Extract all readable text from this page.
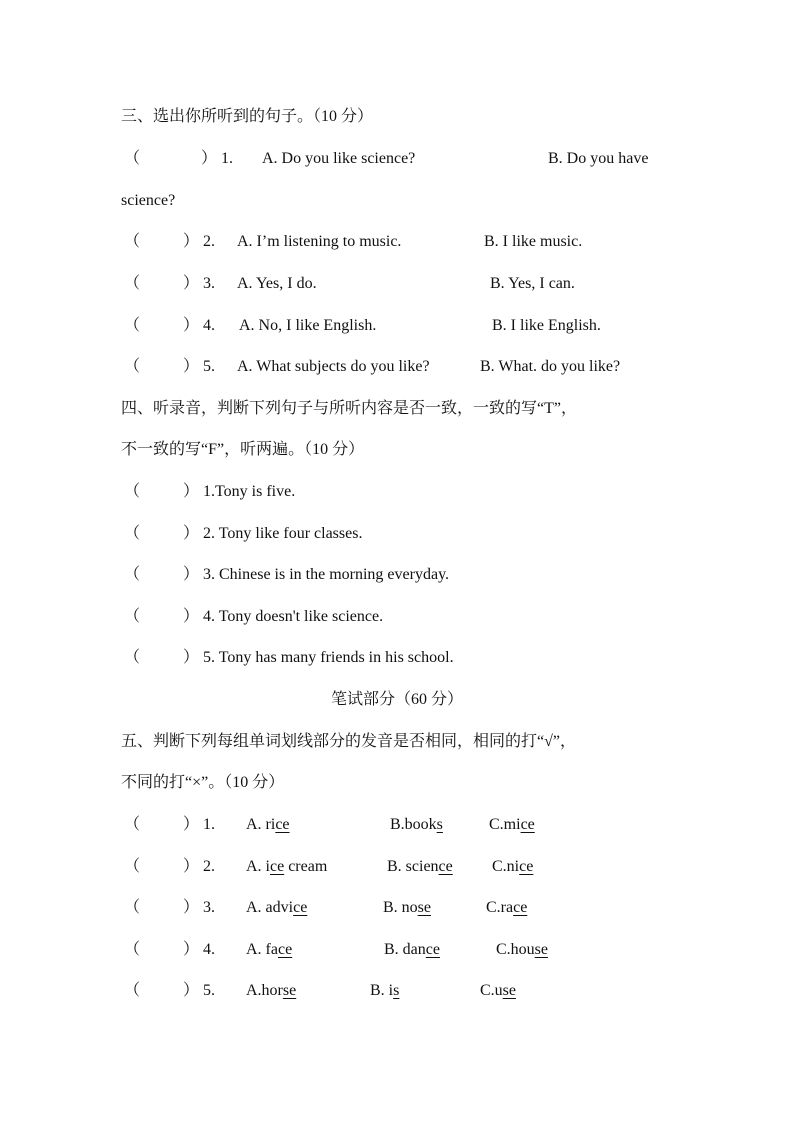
三、选出你所听到的句子。（10 分）
（	） 1. A. Do you like science?	B. Do you have
science?
（	） 2. A. I’m listening to music.	B. I like music.
（	） 3. A. Yes, I do.	B. Yes, I can.
（	） 4. A. No, I like English.	B. I like English.
（	） 5. A. What subjects do you like?	B. What. do you like?
四、听录音，判断下列句子与所听内容是否一致，一致的写“T”，
不一致的写“F”，听两遍。（10 分）
（	） 1.Tony is five.
（	） 2. Tony like four classes.
（	） 3. Chinese is in the morning everyday.
（	） 4. Tony doesn't like science.
（	） 5. Tony has many friends in his school.
笔试部分（60 分）
五、判断下列每组单词划线部分的发音是否相同，相同的打“√”，
不同的打“×”。（10 分）
（	） 1. A. rice	B.books	C.mice
（	） 2. A. ice cream	B. science C.nice
（	） 3. A. advice	B. nose	C.race
（	） 4. A. face	B. dance	C.house
（	） 5. A.horse	B. is	C.use
